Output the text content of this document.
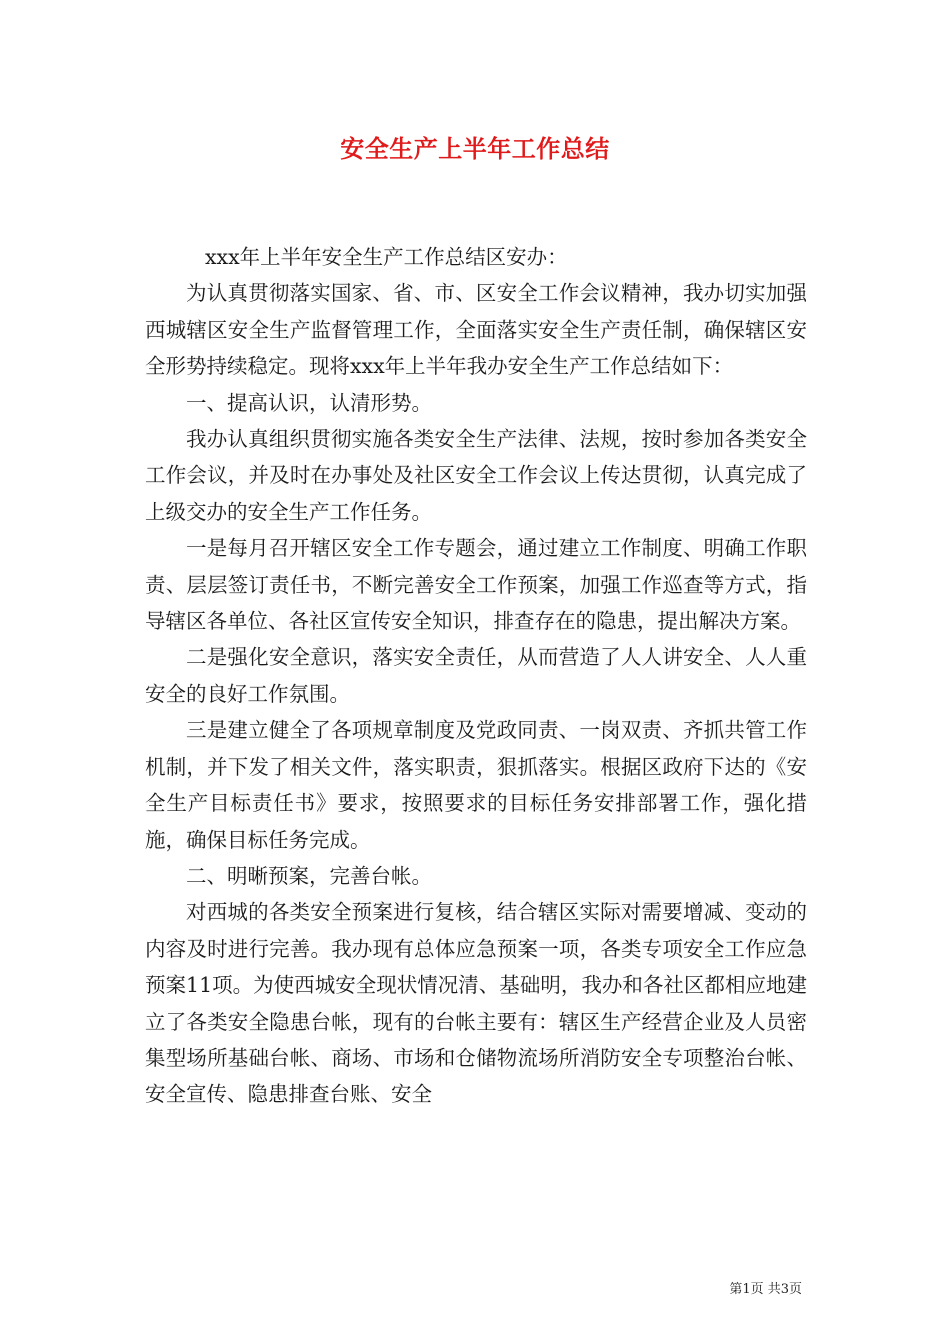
安全生产上半年工作总结

xxx年上半年安全生产工作总结区安办：

为认真贯彻落实国家、省、市、区安全工作会议精神，我办切实加强西城辖区安全生产监督管理工作，全面落实安全生产责任制，确保辖区安全形势持续稳定。现将xxx年上半年我办安全生产工作总结如下：

一、提高认识，认清形势。

我办认真组织贯彻实施各类安全生产法律、法规，按时参加各类安全工作会议，并及时在办事处及社区安全工作会议上传达贯彻，认真完成了上级交办的安全生产工作任务。

一是每月召开辖区安全工作专题会，通过建立工作制度、明确工作职责、层层签订责任书，不断完善安全工作预案，加强工作巡查等方式，指导辖区各单位、各社区宣传安全知识，排查存在的隐患，提出解决方案。

二是强化安全意识，落实安全责任，从而营造了人人讲安全、人人重安全的良好工作氛围。

三是建立健全了各项规章制度及党政同责、一岗双责、齐抓共管工作机制，并下发了相关文件，落实职责，狠抓落实。根据区政府下达的《安全生产目标责任书》要求，按照要求的目标任务安排部署工作，强化措施，确保目标任务完成。

二、明晰预案，完善台帐。

对西城的各类安全预案进行复核，结合辖区实际对需要增减、变动的内容及时进行完善。我办现有总体应急预案一项，各类专项安全工作应急预案11项。为使西城安全现状情况清、基础明，我办和各社区都相应地建立了各类安全隐患台帐，现有的台帐主要有：辖区生产经营企业及人员密集型场所基础台帐、商场、市场和仓储物流场所消防安全专项整治台帐、安全宣传、隐患排查台账、安全

第1页 共3页
